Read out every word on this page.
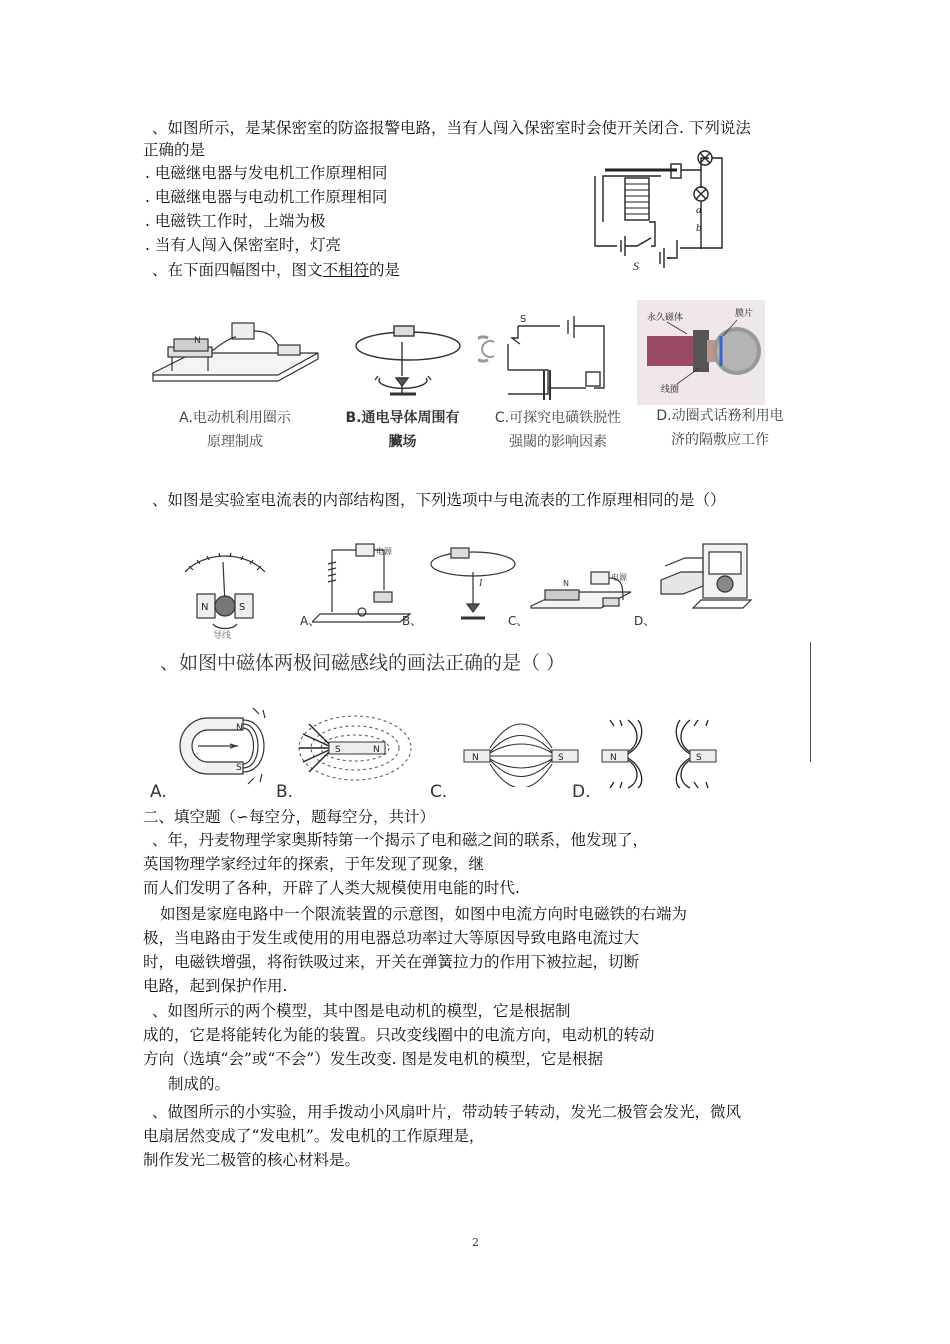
、如图所示，是某保密室的防盗报警电路，当有人闯入保密室时会使开关闭合. 下列说法
正确的是
. 电磁继电器与发电机工作原理相同
. 电磁继电器与电动机工作原理相同
. 电磁铁工作时，上端为极
. 当有人闯入保密室时，灯亮
a
b
S
、在下面四幅图中，图文不相符的是
N
A.电动机利用圈示
原理制成
B.通电导体周围有
臟场
S
C.可探究电磺铁脱性
强閾的影响因素
永久磁体	膜片
线圈
D.动圈式话務利用电
济的隔敷应工作
、如图是实验室电流表的内部结构图，下列选项中与电流表的工作原理相同的是（）
N	S
导线
电源
A、
I
B、
N
电源
C、	D、
、如图中磁体两极间磁感线的画法正确的是（ ）
N
S
A.
S	N
B.
N	S
C.
N	S
D.
二、填空题（∽每空分，题每空分，共计）
、年，丹麦物理学家奥斯特第一个揭示了电和磁之间的联系，他发现了，
英国物理学家经过年的探索，于年发现了现象，继
而人们发明了各种，开辟了人类大规模使用电能的时代.
如图是家庭电路中一个限流装置的示意图，如图中电流方向时电磁铁的右端为
极，当电路由于发生或使用的用电器总功率过大等原因导致电路电流过大
时，电磁铁增强，将衔铁吸过来，开关在弹簧拉力的作用下被拉起，切断
电路，起到保护作用.
、如图所示的两个模型，其中图是电动机的模型，它是根据制
成的，它是将能转化为能的装置。只改变线圈中的电流方向，电动机的转动
方向（选填“会”或“不会”）发生改变. 图是发电机的模型，它是根据
制成的。
、做图所示的小实验，用手拨动小风扇叶片，带动转子转动，发光二极管会发光，微风
电扇居然变成了“发电机”。发电机的工作原理是，
制作发光二极管的核心材料是。
2
